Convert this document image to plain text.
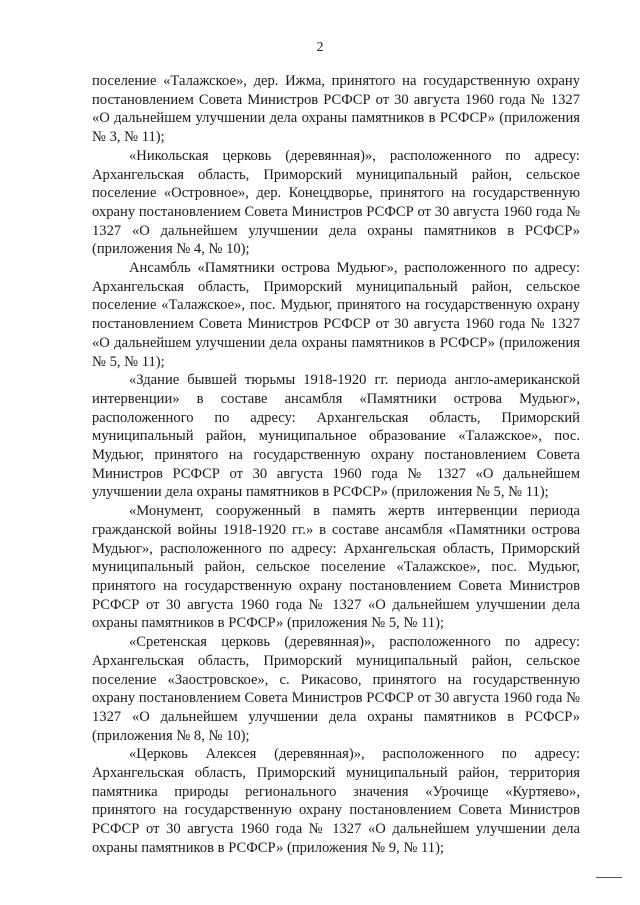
2

поселение «Талажское», дер. Ижма, принятого на государственную охрану постановлением Совета Министров РСФСР от 30 августа 1960 года № 1327 «О дальнейшем улучшении дела охраны памятников в РСФСР» (приложения № 3, № 11);

«Никольская церковь (деревянная)», расположенного по адресу: Архангельская область, Приморский муниципальный район, сельское поселение «Островное», дер. Конецдворье, принятого на государственную охрану постановлением Совета Министров РСФСР от 30 августа 1960 года № 1327 «О дальнейшем улучшении дела охраны памятников в РСФСР» (приложения № 4, № 10);

Ансамбль «Памятники острова Мудьюг», расположенного по адресу: Архангельская область, Приморский муниципальный район, сельское поселение «Талажское», пос. Мудьюг, принятого на государственную охрану постановлением Совета Министров РСФСР от 30 августа 1960 года № 1327 «О дальнейшем улучшении дела охраны памятников в РСФСР» (приложения № 5, № 11);

«Здание бывшей тюрьмы 1918-1920 гг. периода англо-американской интервенции» в составе ансамбля «Памятники острова Мудьюг», расположенного по адресу: Архангельская область, Приморский муниципальный район, муниципальное образование «Талажское», пос. Мудьюг, принятого на государственную охрану постановлением Совета Министров РСФСР от 30 августа 1960 года № 1327 «О дальнейшем улучшении дела охраны памятников в РСФСР» (приложения № 5, № 11);

«Монумент, сооруженный в память жертв интервенции периода гражданской войны 1918-1920 гг.» в составе ансамбля «Памятники острова Мудьюг», расположенного по адресу: Архангельская область, Приморский муниципальный район, сельское поселение «Талажское», пос. Мудьюг, принятого на государственную охрану постановлением Совета Министров РСФСР от 30 августа 1960 года № 1327 «О дальнейшем улучшении дела охраны памятников в РСФСР» (приложения № 5, № 11);

«Сретенская церковь (деревянная)», расположенного по адресу: Архангельская область, Приморский муниципальный район, сельское поселение «Заостровское», с. Рикасово, принятого на государственную охрану постановлением Совета Министров РСФСР от 30 августа 1960 года № 1327 «О дальнейшем улучшении дела охраны памятников в РСФСР» (приложения № 8, № 10);

«Церковь Алексея (деревянная)», расположенного по адресу: Архангельская область, Приморский муниципальный район, территория памятника природы регионального значения «Урочище «Куртяево», принятого на государственную охрану постановлением Совета Министров РСФСР от 30 августа 1960 года № 1327 «О дальнейшем улучшении дела охраны памятников в РСФСР» (приложения № 9, № 11);
